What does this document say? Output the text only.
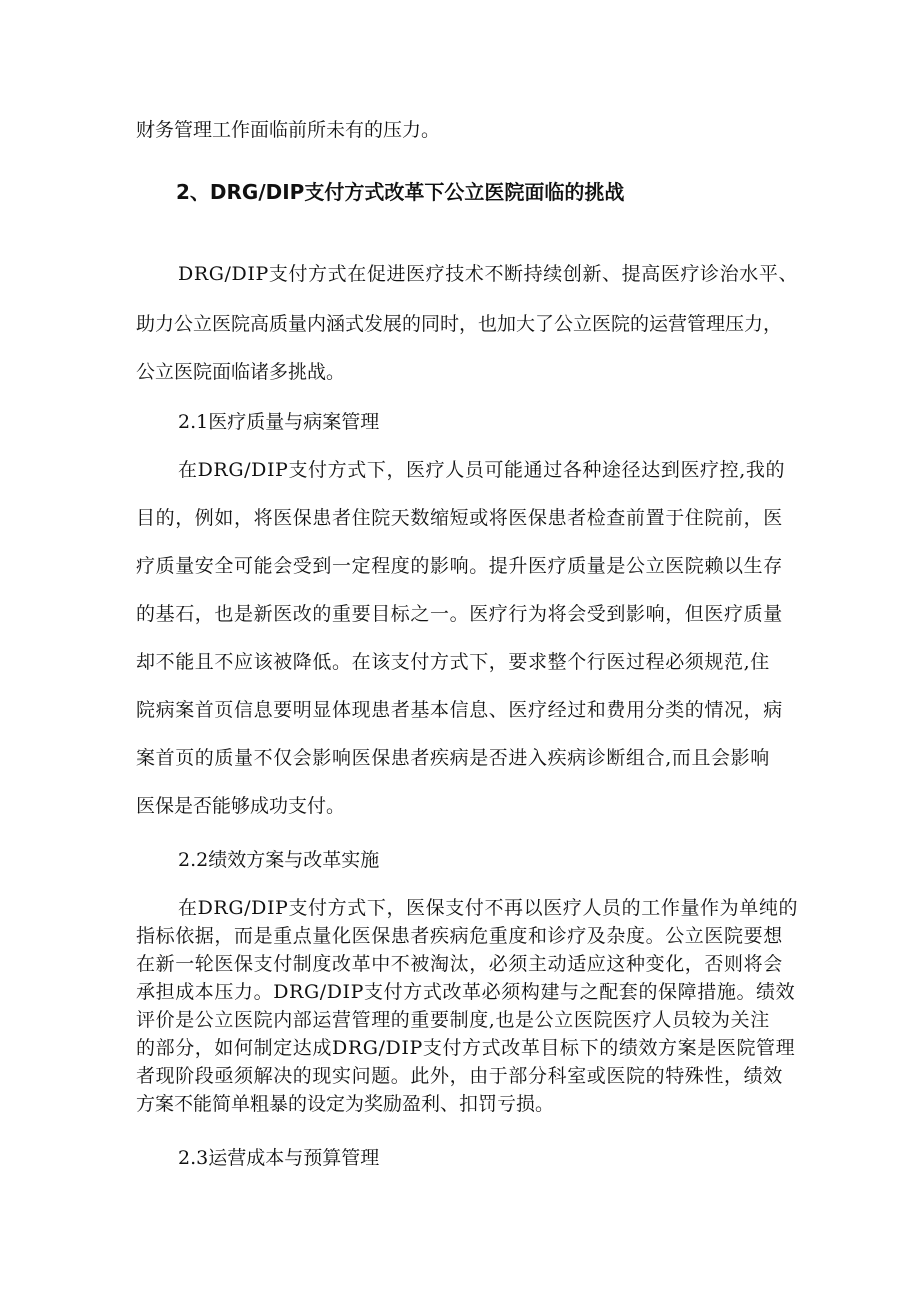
财务管理工作面临前所未有的压力。

2、DRG/DIP支付方式改革下公立医院面临的挑战

DRG/DIP支付方式在促进医疗技术不断持续创新、提高医疗诊治水平、

助力公立医院高质量内涵式发展的同时，也加大了公立医院的运营管理压力，

公立医院面临诸多挑战。

2.1医疗质量与病案管理

在DRG/DIP支付方式下，医疗人员可能通过各种途径达到医疗控,我的

目的，例如，将医保患者住院天数缩短或将医保患者检查前置于住院前，医

疗质量安全可能会受到一定程度的影响。提升医疗质量是公立医院赖以生存

的基石，也是新医改的重要目标之一。医疗行为将会受到影响，但医疗质量

却不能且不应该被降低。在该支付方式下，要求整个行医过程必须规范,住

院病案首页信息要明显体现患者基本信息、医疗经过和费用分类的情况，病

案首页的质量不仅会影响医保患者疾病是否进入疾病诊断组合,而且会影响

医保是否能够成功支付。

2.2绩效方案与改革实施

在DRG/DIP支付方式下，医保支付不再以医疗人员的工作量作为单纯的

指标依据，而是重点量化医保患者疾病危重度和诊疗及杂度。公立医院要想

在新一轮医保支付制度改革中不被淘汰，必须主动适应这种变化，否则将会

承担成本压力。DRG/DIP支付方式改革必须构建与之配套的保障措施。绩效

评价是公立医院内部运营管理的重要制度,也是公立医院医疗人员较为关注

的部分，如何制定达成DRG/DIP支付方式改革目标下的绩效方案是医院管理

者现阶段亟须解决的现实问题。此外，由于部分科室或医院的特殊性，绩效

方案不能简单粗暴的设定为奖励盈利、扣罚亏损。

2.3运营成本与预算管理
